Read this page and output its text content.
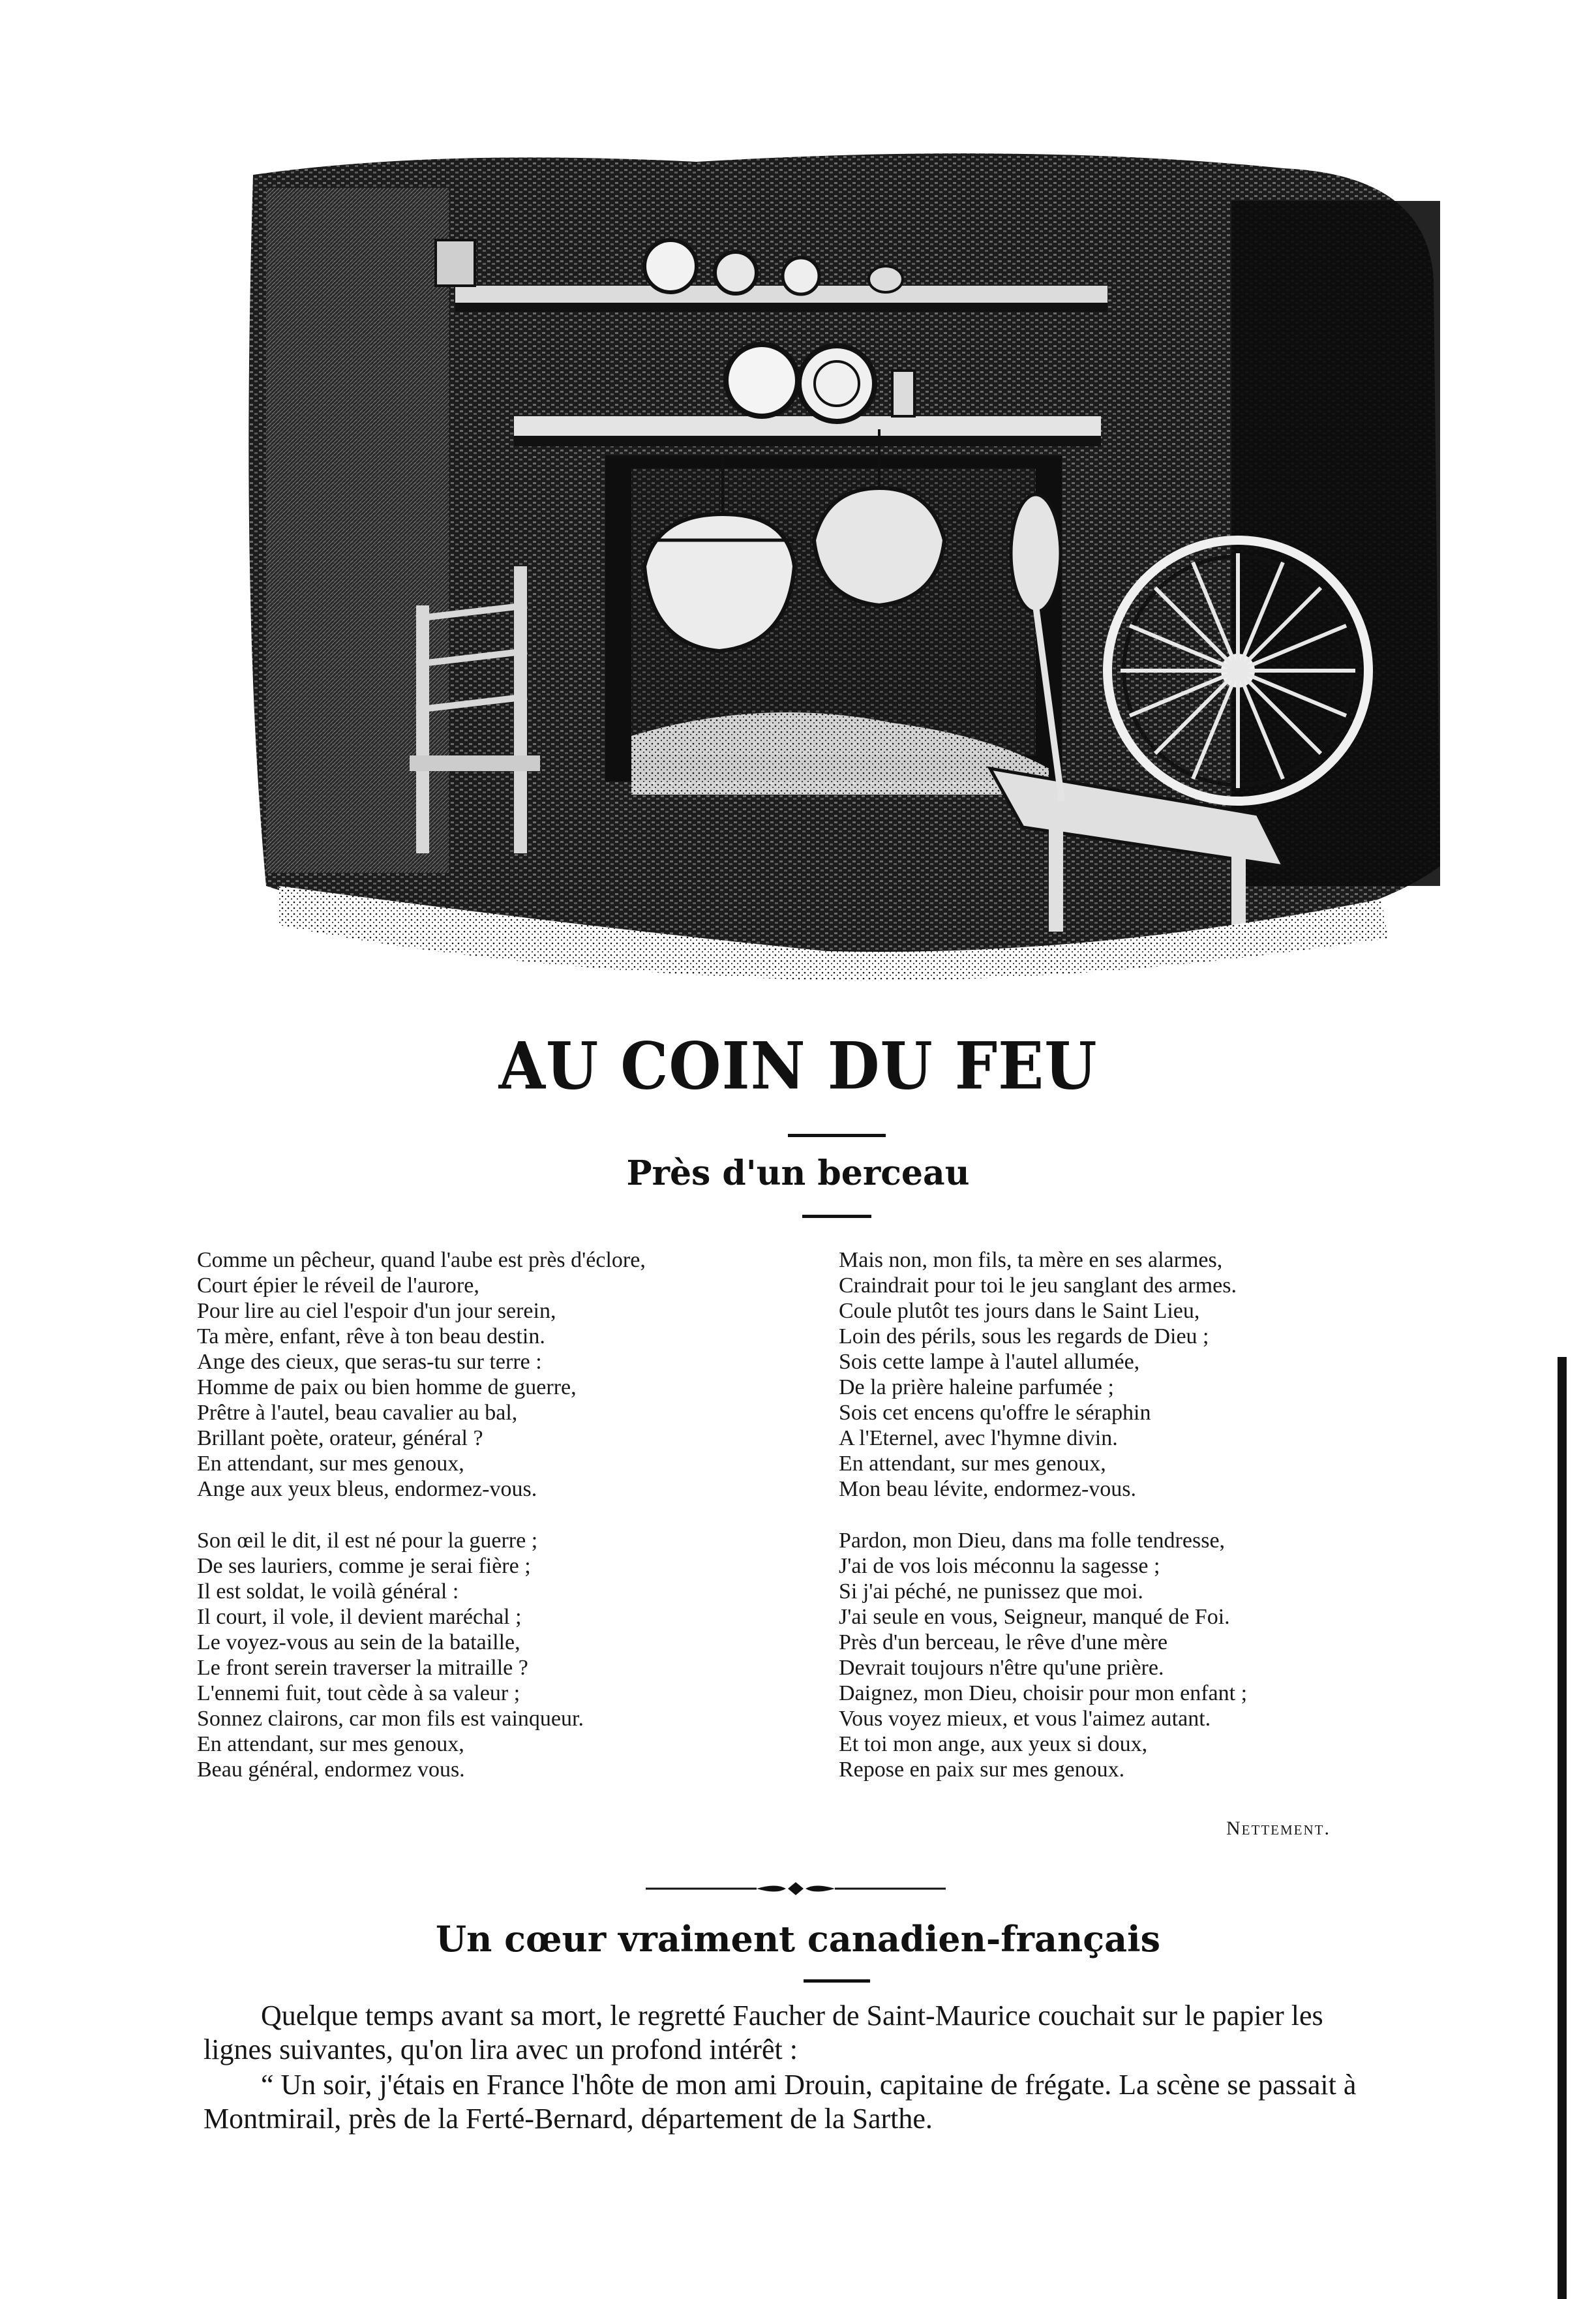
AU COIN DU FEU
Près d'un berceau
Comme un pêcheur, quand l'aube est près d'éclore,
Court épier le réveil de l'aurore,
Pour lire au ciel l'espoir d'un jour serein,
Ta mère, enfant, rêve à ton beau destin.
Ange des cieux, que seras-tu sur terre :
Homme de paix ou bien homme de guerre,
Prêtre à l'autel, beau cavalier au bal,
Brillant poète, orateur, général ?
En attendant, sur mes genoux,
Ange aux yeux bleus, endormez-vous.
Son œil le dit, il est né pour la guerre ;
De ses lauriers, comme je serai fière ;
Il est soldat, le voilà général :
Il court, il vole, il devient maréchal ;
Le voyez-vous au sein de la bataille,
Le front serein traverser la mitraille ?
L'ennemi fuit, tout cède à sa valeur ;
Sonnez clairons, car mon fils est vainqueur.
En attendant, sur mes genoux,
Beau général, endormez vous.
Mais non, mon fils, ta mère en ses alarmes,
Craindrait pour toi le jeu sanglant des armes.
Coule plutôt tes jours dans le Saint Lieu,
Loin des périls, sous les regards de Dieu ;
Sois cette lampe à l'autel allumée,
De la prière haleine parfumée ;
Sois cet encens qu'offre le séraphin
A l'Eternel, avec l'hymne divin.
En attendant, sur mes genoux,
Mon beau lévite, endormez-vous.
Pardon, mon Dieu, dans ma folle tendresse,
J'ai de vos lois méconnu la sagesse ;
Si j'ai péché, ne punissez que moi.
J'ai seule en vous, Seigneur, manqué de Foi.
Près d'un berceau, le rêve d'une mère
Devrait toujours n'être qu'une prière.
Daignez, mon Dieu, choisir pour mon enfant ;
Vous voyez mieux, et vous l'aimez autant.
Et toi mon ange, aux yeux si doux,
Repose en paix sur mes genoux.
Nettement.
Un cœur vraiment canadien-français

Quelque temps avant sa mort, le regretté Faucher de Saint-Maurice couchait sur le papier les lignes suivantes, qu'on lira avec un profond intérêt :

“ Un soir, j'étais en France l'hôte de mon ami Drouin, capitaine de frégate. La scène se passait à Montmirail, près de la Ferté-Bernard, département de la Sarthe.
